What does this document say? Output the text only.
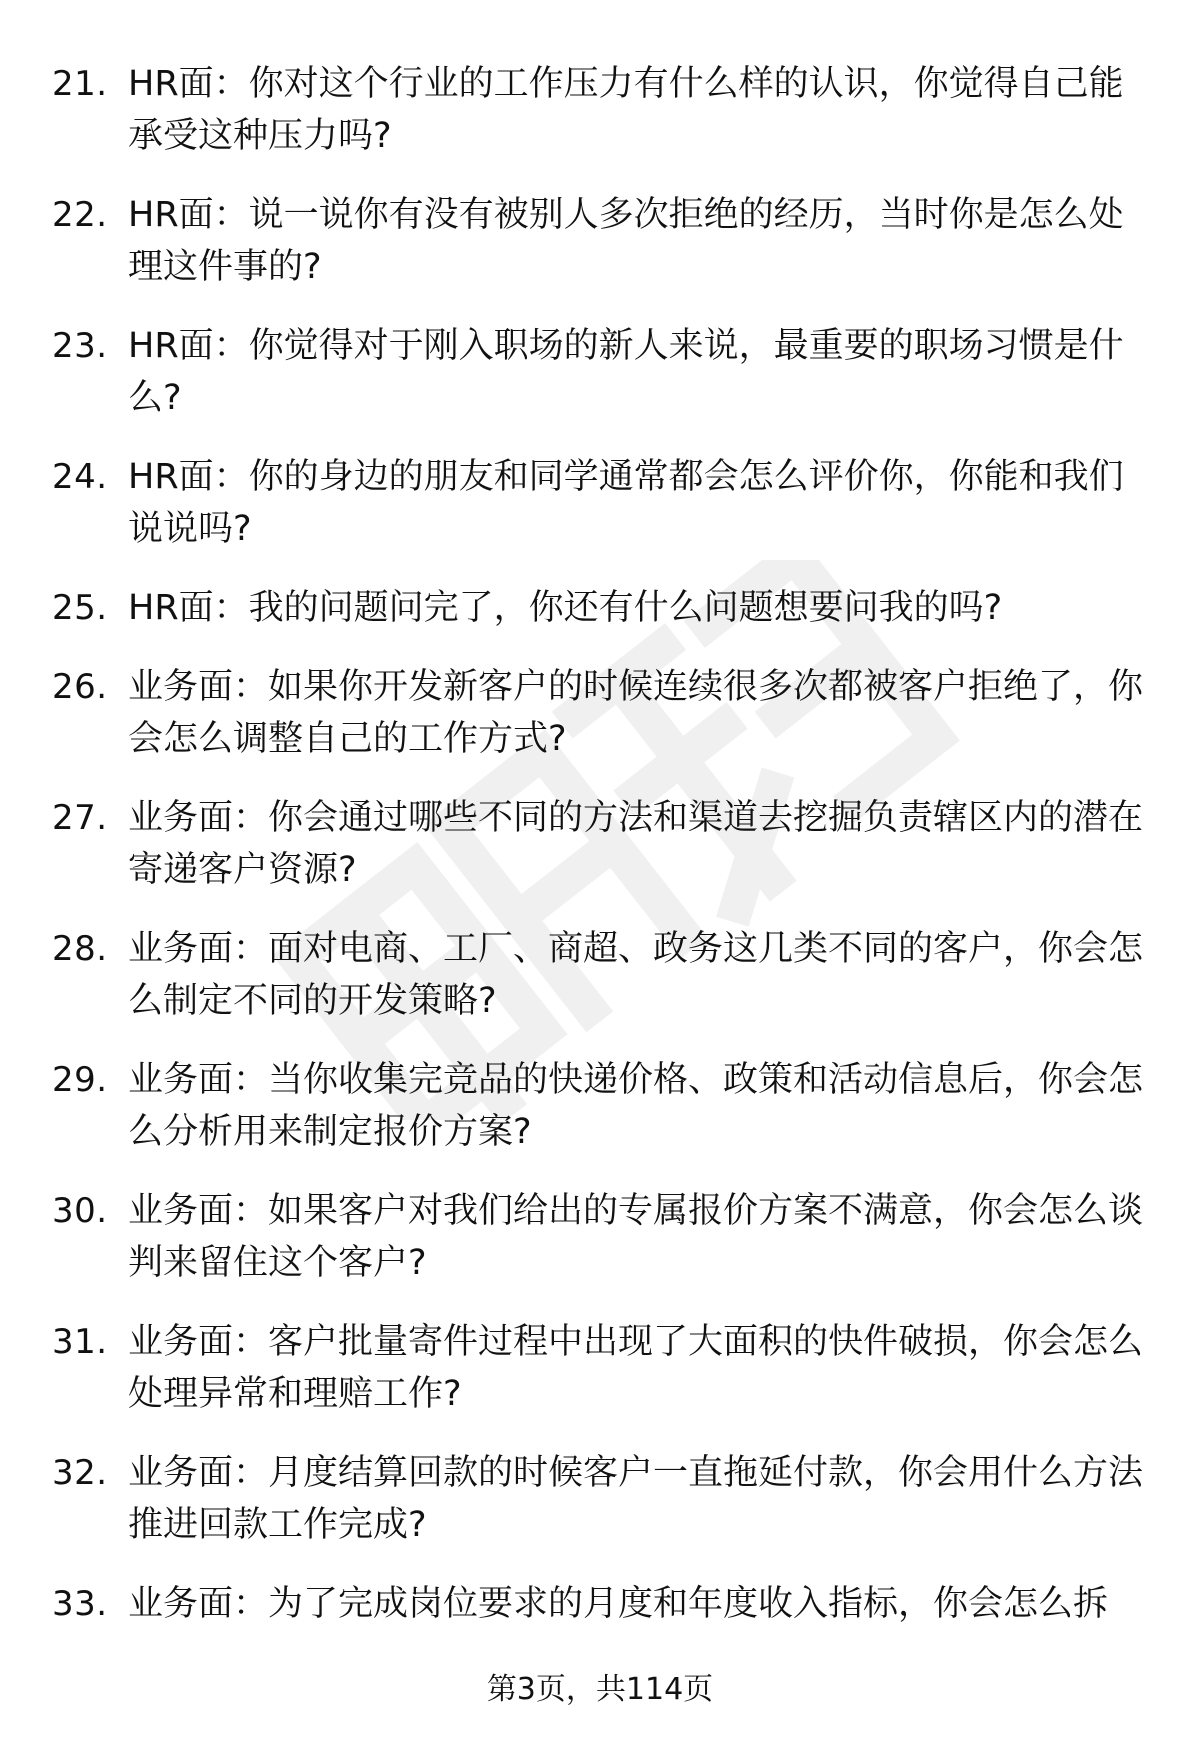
21. HR面：你对这个行业的工作压力有什么样的认识，你觉得自己能承受这种压力吗?
22. HR面：说一说你有没有被别人多次拒绝的经历，当时你是怎么处理这件事的?
23. HR面：你觉得对于刚入职场的新人来说，最重要的职场习惯是什么?
24. HR面：你的身边的朋友和同学通常都会怎么评价你，你能和我们说说吗?
25. HR面：我的问题问完了，你还有什么问题想要问我的吗?
26. 业务面：如果你开发新客户的时候连续很多次都被客户拒绝了，你会怎么调整自己的工作方式?
27. 业务面：你会通过哪些不同的方法和渠道去挖掘负责辖区内的潜在寄递客户资源?
28. 业务面：面对电商、工厂、商超、政务这几类不同的客户，你会怎么制定不同的开发策略?
29. 业务面：当你收集完竞品的快递价格、政策和活动信息后，你会怎么分析用来制定报价方案?
30. 业务面：如果客户对我们给出的专属报价方案不满意，你会怎么谈判来留住这个客户?
31. 业务面：客户批量寄件过程中出现了大面积的快件破损，你会怎么处理异常和理赔工作?
32. 业务面：月度结算回款的时候客户一直拖延付款，你会用什么方法推进回款工作完成?
33. 业务面：为了完成岗位要求的月度和年度收入指标，你会怎么拆
第3页，共114页
